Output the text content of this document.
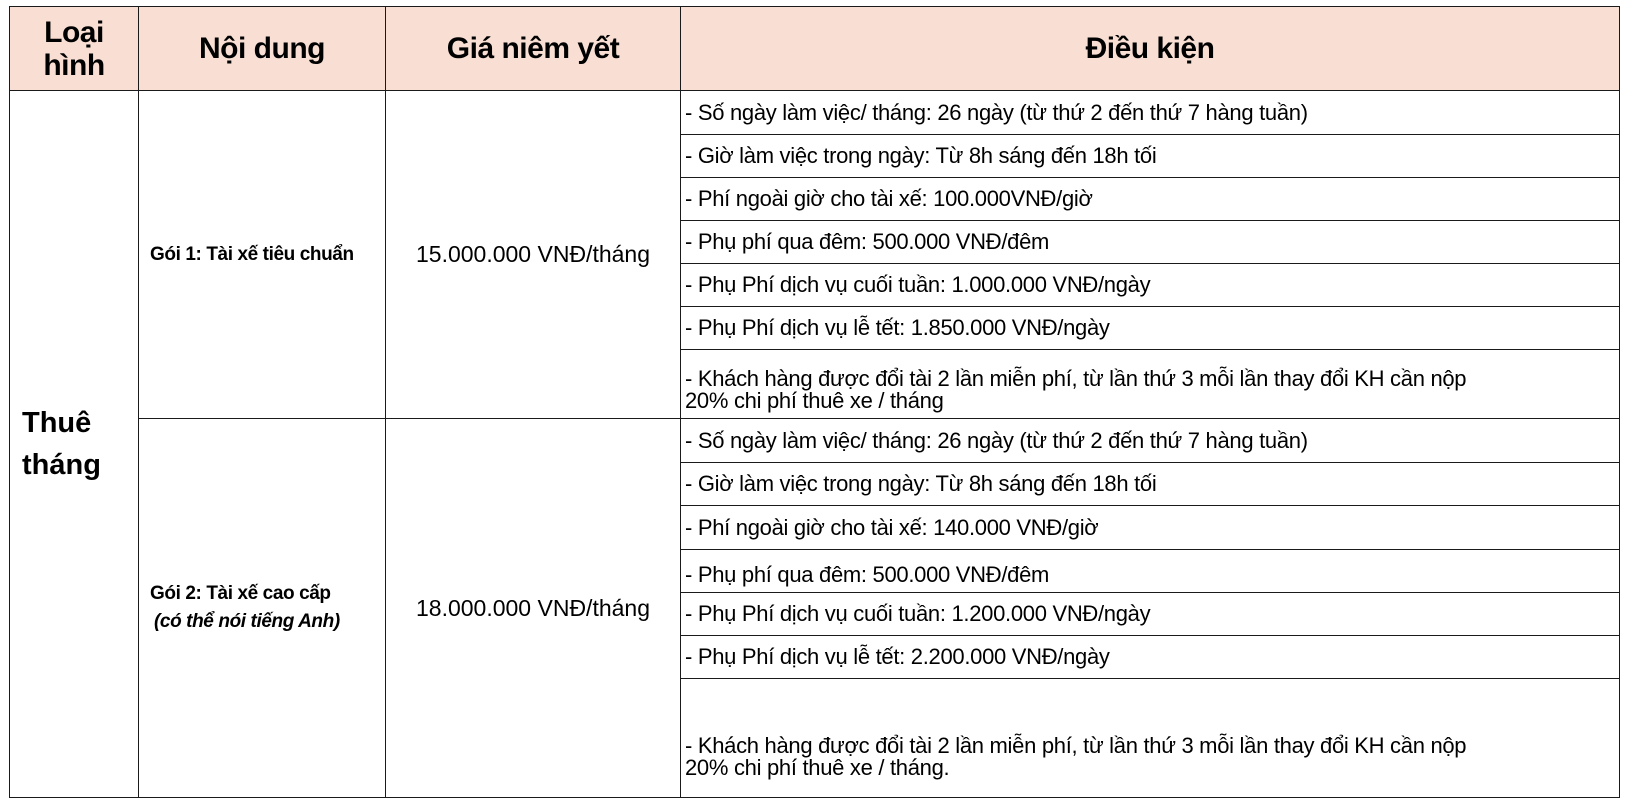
Loại hình	Nội dung	Giá niêm yết	Điều kiện
Thuê tháng
Gói 1: Tài xế tiêu chuẩn	15.000.000 VNĐ/tháng
- Số ngày làm việc/ tháng: 26 ngày (từ thứ 2 đến thứ 7 hàng tuần)
- Giờ làm việc trong ngày: Từ 8h sáng đến 18h tối
- Phí ngoài giờ cho tài xế: 100.000VNĐ/giờ
- Phụ phí qua đêm: 500.000 VNĐ/đêm
- Phụ Phí dịch vụ cuối tuần: 1.000.000 VNĐ/ngày
- Phụ Phí dịch vụ lễ tết: 1.850.000 VNĐ/ngày
- Khách hàng được đổi tài 2 lần miễn phí, từ lần thứ 3 mỗi lần thay đổi KH cần nộp 20% chi phí thuê xe / tháng
Gói 2: Tài xế cao cấp
(có thể nói tiếng Anh)
18.000.000 VNĐ/tháng
- Số ngày làm việc/ tháng: 26 ngày (từ thứ 2 đến thứ 7 hàng tuần)
- Giờ làm việc trong ngày: Từ 8h sáng đến 18h tối
- Phí ngoài giờ cho tài xế: 140.000 VNĐ/giờ
- Phụ phí qua đêm: 500.000 VNĐ/đêm
- Phụ Phí dịch vụ cuối tuần: 1.200.000 VNĐ/ngày
- Phụ Phí dịch vụ lễ tết: 2.200.000 VNĐ/ngày
- Khách hàng được đổi tài 2 lần miễn phí, từ lần thứ 3 mỗi lần thay đổi KH cần nộp 20% chi phí thuê xe / tháng.
